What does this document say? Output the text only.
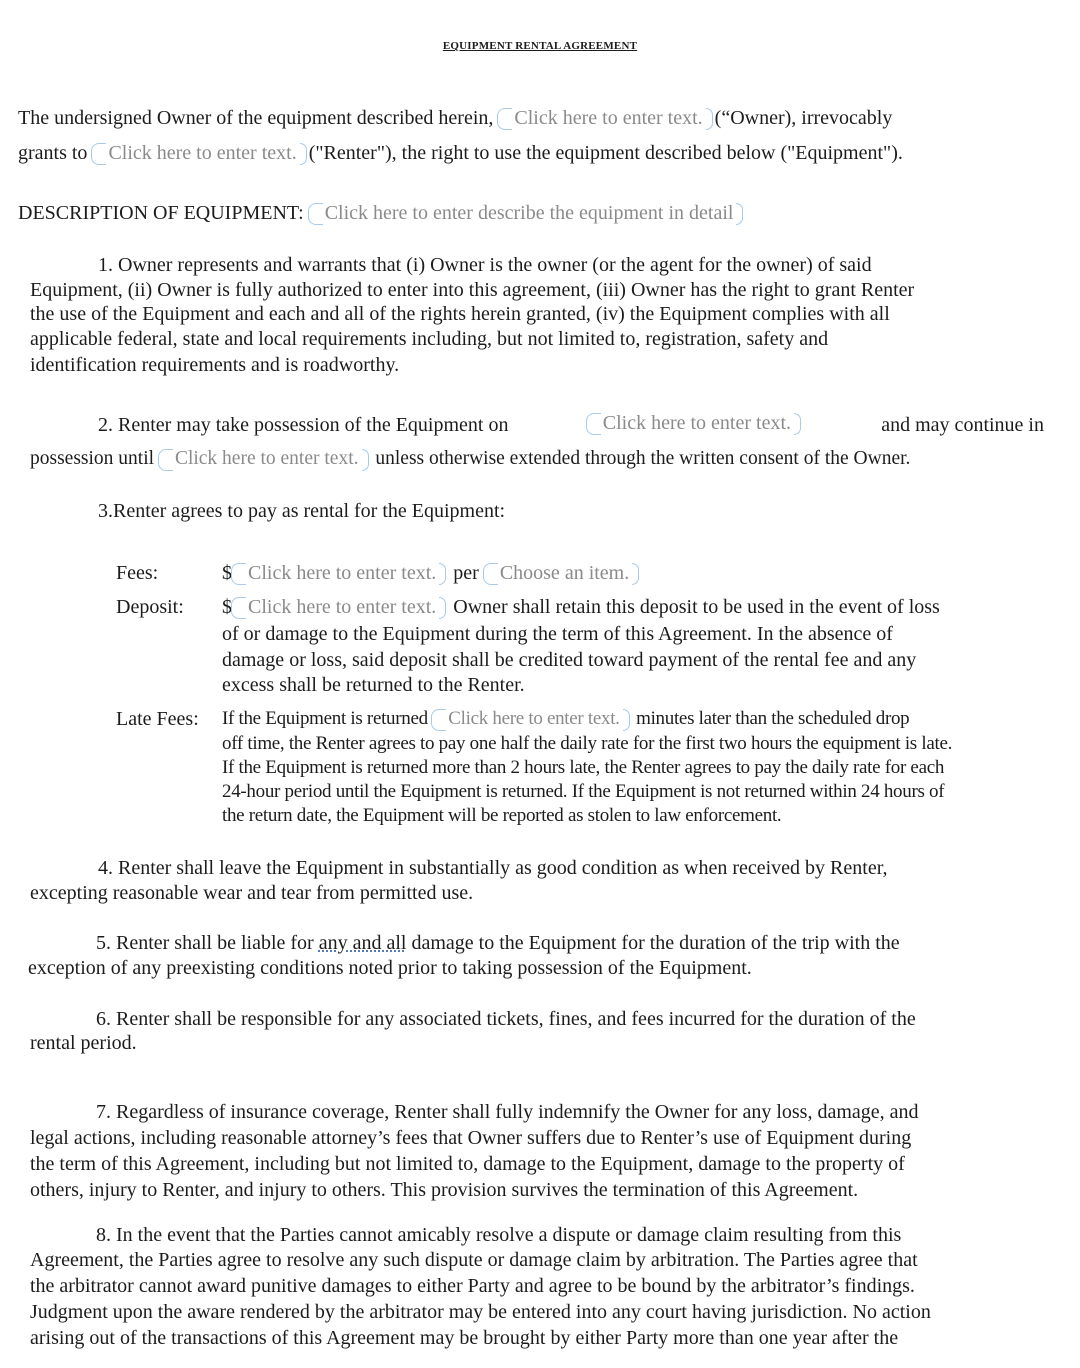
EQUIPMENT RENTAL AGREEMENT
The undersigned Owner of the equipment described herein, Click here to enter text. (“Owner), irrevocably
grants to Click here to enter text. ("Renter"), the right to use the equipment described below ("Equipment").
DESCRIPTION OF EQUIPMENT: Click here to enter describe the equipment in detail
1. Owner represents and warrants that (i) Owner is the owner (or the agent for the owner) of said
Equipment, (ii) Owner is fully authorized to enter into this agreement, (iii) Owner has the right to grant Renter
the use of the Equipment and each and all of the rights herein granted, (iv) the Equipment complies with all
applicable federal, state and local requirements including, but not limited to, registration, safety and
identification requirements and is roadworthy.
2. Renter may take possession of the Equipment on	Click here to enter text.	and may continue in
possession until Click here to enter text. unless otherwise extended through the written consent of the Owner.
3.Renter agrees to pay as rental for the Equipment:
Fees:	$ Click here to enter text. per Choose an item.
Deposit: $ Click here to enter text. Owner shall retain this deposit to be used in the event of loss
of or damage to the Equipment during the term of this Agreement. In the absence of
damage or loss, said deposit shall be credited toward payment of the rental fee and any
excess shall be returned to the Renter.
Late Fees: If the Equipment is returned Click here to enter text. minutes later than the scheduled drop
off time, the Renter agrees to pay one half the daily rate for the first two hours the equipment is late.
If the Equipment is returned more than 2 hours late, the Renter agrees to pay the daily rate for each
24-hour period until the Equipment is returned. If the Equipment is not returned within 24 hours of
the return date, the Equipment will be reported as stolen to law enforcement.
4. Renter shall leave the Equipment in substantially as good condition as when received by Renter,
excepting reasonable wear and tear from permitted use.
5. Renter shall be liable for any and all damage to the Equipment for the duration of the trip with the
exception of any preexisting conditions noted prior to taking possession of the Equipment.
6. Renter shall be responsible for any associated tickets, fines, and fees incurred for the duration of the
rental period.
7. Regardless of insurance coverage, Renter shall fully indemnify the Owner for any loss, damage, and
legal actions, including reasonable attorney’s fees that Owner suffers due to Renter’s use of Equipment during
the term of this Agreement, including but not limited to, damage to the Equipment, damage to the property of
others, injury to Renter, and injury to others. This provision survives the termination of this Agreement.
8. In the event that the Parties cannot amicably resolve a dispute or damage claim resulting from this
Agreement, the Parties agree to resolve any such dispute or damage claim by arbitration. The Parties agree that
the arbitrator cannot award punitive damages to either Party and agree to be bound by the arbitrator’s findings.
Judgment upon the aware rendered by the arbitrator may be entered into any court having jurisdiction. No action
arising out of the transactions of this Agreement may be brought by either Party more than one year after the
